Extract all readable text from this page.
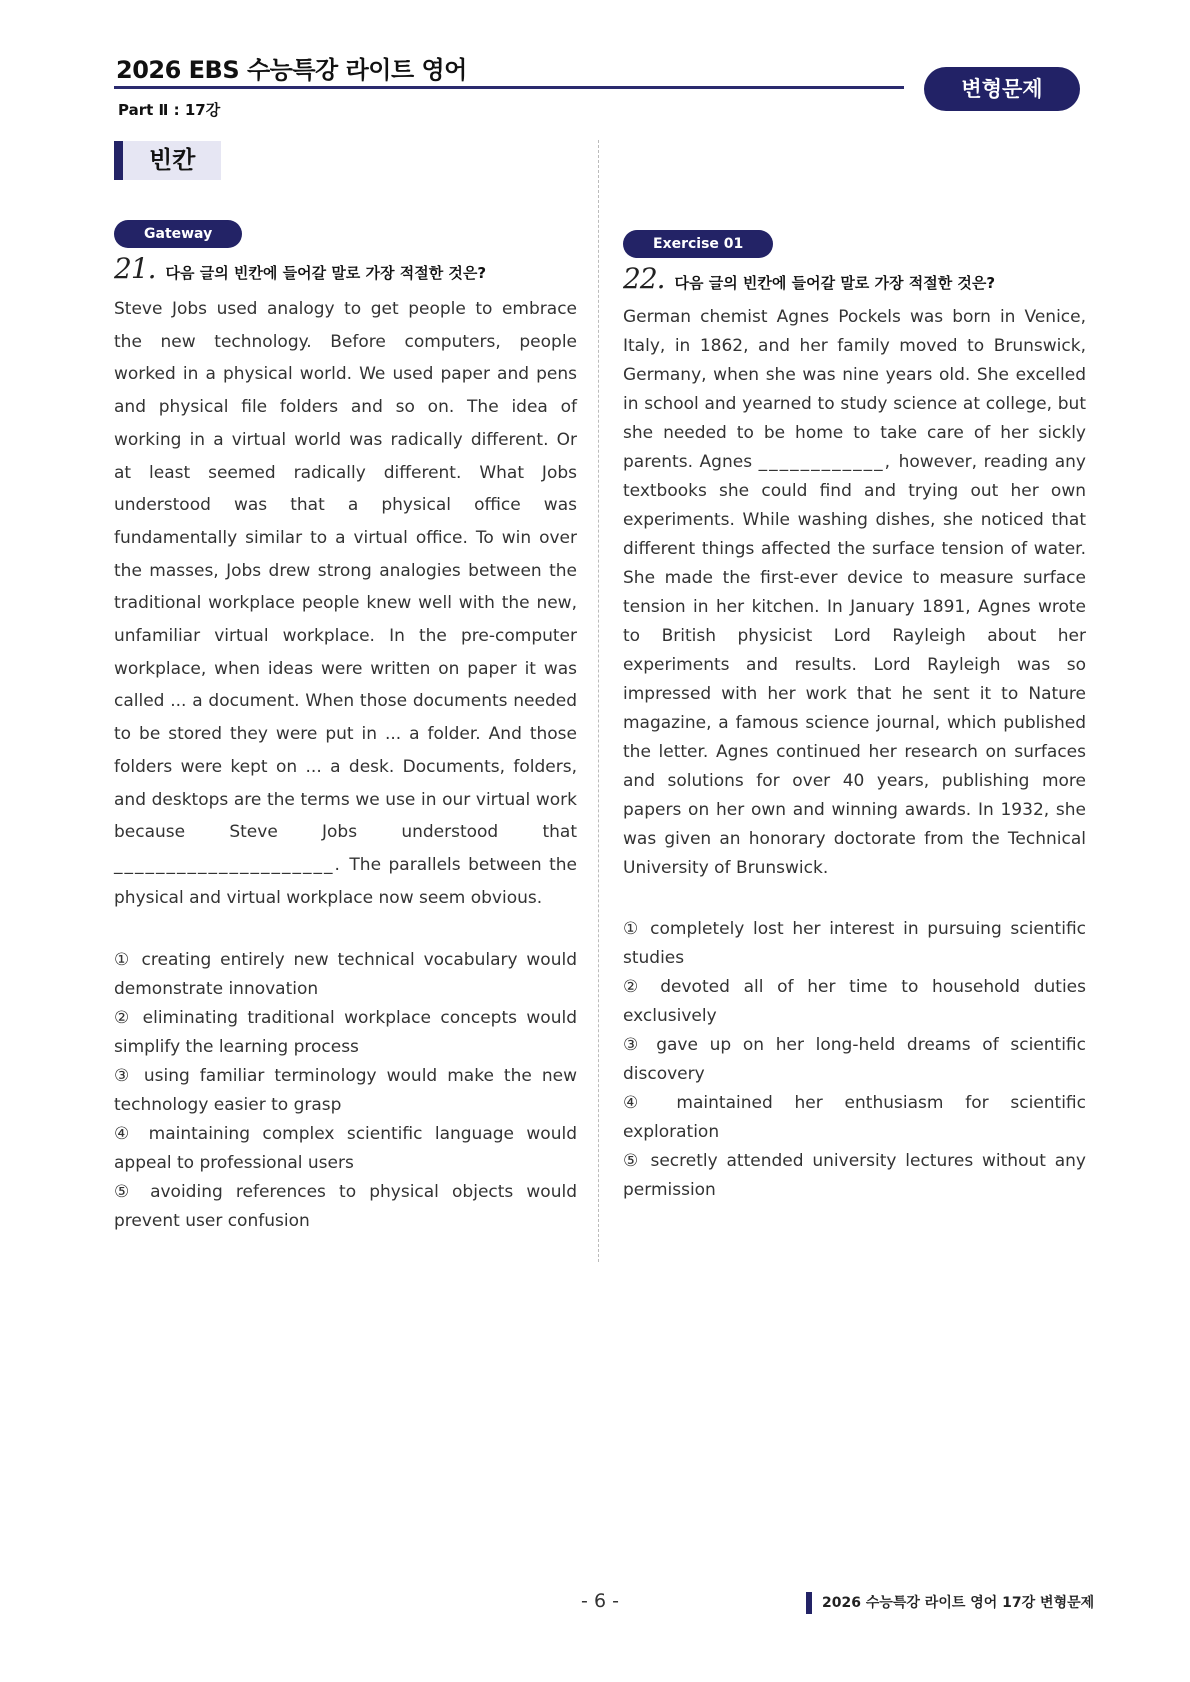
2026 EBS 수능특강 라이트 영어
Part Ⅱ : 17강
변형문제
빈칸
Gateway
21. 다음 글의 빈칸에 들어갈 말로 가장 적절한 것은?
Steve Jobs used analogy to get people to embrace the new technology. Before computers, people worked in a physical world. We used paper and pens and physical file folders and so on. The idea of working in a virtual world was radically different. Or at least seemed radically different. What Jobs understood was that a physical office was fundamentally similar to a virtual office. To win over the masses, Jobs drew strong analogies between the traditional workplace people knew well with the new, unfamiliar virtual workplace. In the pre-computer workplace, when ideas were written on paper it was called ... a document. When those documents needed to be stored they were put in ... a folder. And those folders were kept on ... a desk. Documents, folders, and desktops are the terms we use in our virtual work because Steve Jobs understood that _____________________. The parallels between the physical and virtual workplace now seem obvious.
① creating entirely new technical vocabulary would demonstrate innovation
② eliminating traditional workplace concepts would simplify the learning process
③ using familiar terminology would make the new technology easier to grasp
④ maintaining complex scientific language would appeal to professional users
⑤ avoiding references to physical objects would prevent user confusion
Exercise 01
22. 다음 글의 빈칸에 들어갈 말로 가장 적절한 것은?
German chemist Agnes Pockels was born in Venice, Italy, in 1862, and her family moved to Brunswick, Germany, when she was nine years old. She excelled in school and yearned to study science at college, but she needed to be home to take care of her sickly parents. Agnes ____________, however, reading any textbooks she could find and trying out her own experiments. While washing dishes, she noticed that different things affected the surface tension of water. She made the first-ever device to measure surface tension in her kitchen. In January 1891, Agnes wrote to British physicist Lord Rayleigh about her experiments and results. Lord Rayleigh was so impressed with her work that he sent it to Nature magazine, a famous science journal, which published the letter. Agnes continued her research on surfaces and solutions for over 40 years, publishing more papers on her own and winning awards. In 1932, she was given an honorary doctorate from the Technical University of Brunswick.
① completely lost her interest in pursuing scientific studies
② devoted all of her time to household duties exclusively
③ gave up on her long-held dreams of scientific discovery
④ maintained her enthusiasm for scientific exploration
⑤ secretly attended university lectures without any permission
- 6 -	2026 수능특강 라이트 영어 17강 변형문제
